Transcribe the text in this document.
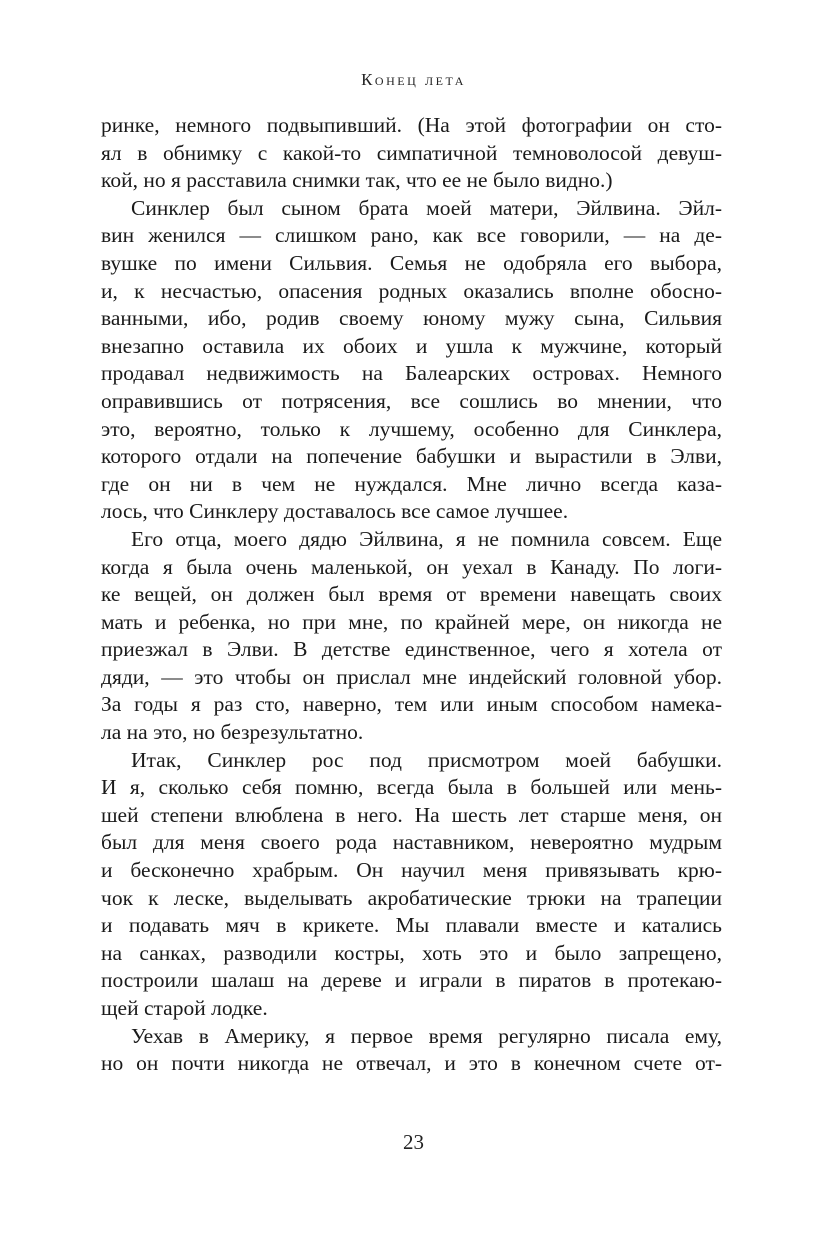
Конец лета
ринке, немного подвыпивший. (На этой фотографии он сто-
ял в обнимку с какой-то симпатичной темноволосой девуш-
кой, но я расставила снимки так, что ее не было видно.)
Синклер был сыном брата моей матери, Эйлвина. Эйл-
вин женился — слишком рано, как все говорили, — на де-
вушке по имени Сильвия. Семья не одобряла его выбора,
и, к несчастью, опасения родных оказались вполне обосно-
ванными, ибо, родив своему юному мужу сына, Сильвия
внезапно оставила их обоих и ушла к мужчине, который
продавал недвижимость на Балеарских островах. Немного
оправившись от потрясения, все сошлись во мнении, что
это, вероятно, только к лучшему, особенно для Синклера,
которого отдали на попечение бабушки и вырастили в Элви,
где он ни в чем не нуждался. Мне лично всегда каза-
лось, что Синклеру доставалось все самое лучшее.
Его отца, моего дядю Эйлвина, я не помнила совсем. Еще
когда я была очень маленькой, он уехал в Канаду. По логи-
ке вещей, он должен был время от времени навещать своих
мать и ребенка, но при мне, по крайней мере, он никогда не
приезжал в Элви. В детстве единственное, чего я хотела от
дяди, — это чтобы он прислал мне индейский головной убор.
За годы я раз сто, наверно, тем или иным способом намека-
ла на это, но безрезультатно.
Итак, Синклер рос под присмотром моей бабушки.
И я, сколько себя помню, всегда была в большей или мень-
шей степени влюблена в него. На шесть лет старше меня, он
был для меня своего рода наставником, невероятно мудрым
и бесконечно храбрым. Он научил меня привязывать крю-
чок к леске, выделывать акробатические трюки на трапеции
и подавать мяч в крикете. Мы плавали вместе и катались
на санках, разводили костры, хоть это и было запрещено,
построили шалаш на дереве и играли в пиратов в протекаю-
щей старой лодке.
Уехав в Америку, я первое время регулярно писала ему,
но он почти никогда не отвечал, и это в конечном счете от-
23
